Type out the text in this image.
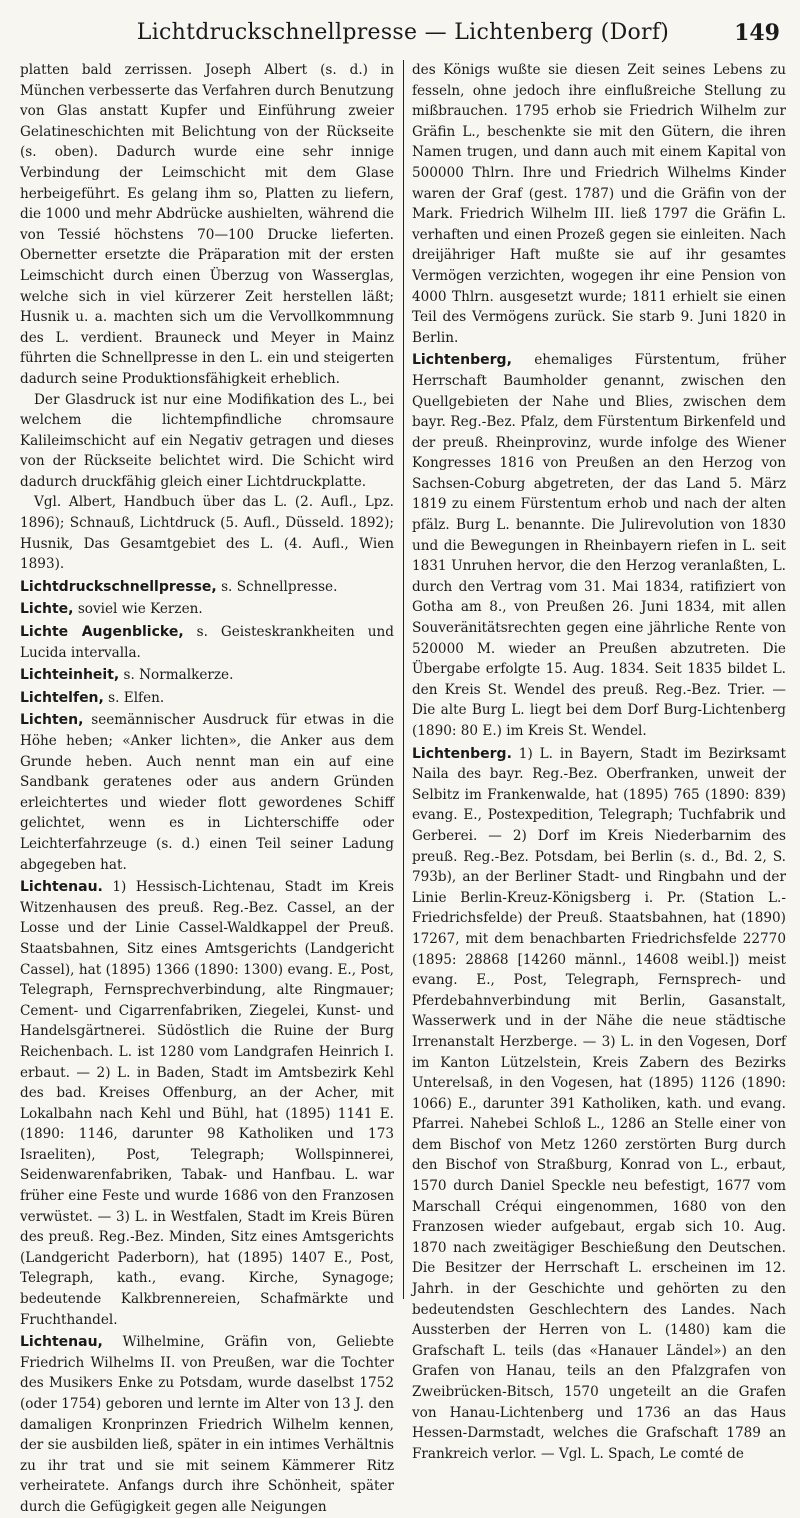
Lichtdruckschnellpresse — Lichtenberg (Dorf)	149

platten bald zerrissen. Joseph Albert (s. d.) in München verbesserte das Verfahren durch Benutzung von Glas anstatt Kupfer und Einführung zweier Gelatineschichten mit Belichtung von der Rückseite (s. oben). Dadurch wurde eine sehr innige Verbindung der Leimschicht mit dem Glase herbeigeführt. Es gelang ihm so, Platten zu liefern, die 1000 und mehr Abdrücke aushielten, während die von Tessié höchstens 70—100 Drucke lieferten. Obernetter ersetzte die Präparation mit der ersten Leimschicht durch einen Überzug von Wasserglas, welche sich in viel kürzerer Zeit herstellen läßt; Husnik u. a. machten sich um die Vervollkommnung des L. verdient. Brauneck und Meyer in Mainz führten die Schnellpresse in den L. ein und steigerten dadurch seine Produktionsfähigkeit erheblich.

Der Glasdruck ist nur eine Modifikation des L., bei welchem die lichtempfindliche chromsaure Kalileimschicht auf ein Negativ getragen und dieses von der Rückseite belichtet wird. Die Schicht wird dadurch druckfähig gleich einer Lichtdruckplatte.

Vgl. Albert, Handbuch über das L. (2. Aufl., Lpz. 1896); Schnauß, Lichtdruck (5. Aufl., Düsseld. 1892); Husnik, Das Gesamtgebiet des L. (4. Aufl., Wien 1893).

Lichtdruckschnellpresse, s. Schnellpresse.

Lichte, soviel wie Kerzen.

Lichte Augenblicke, s. Geisteskrankheiten und Lucida intervalla.

Lichteinheit, s. Normalkerze.

Lichtelfen, s. Elfen.

Lichten, seemännischer Ausdruck für etwas in die Höhe heben; «Anker lichten», die Anker aus dem Grunde heben. Auch nennt man ein auf eine Sandbank geratenes oder aus andern Gründen erleichtertes und wieder flott gewordenes Schiff gelichtet, wenn es in Lichterschiffe oder Leichterfahrzeuge (s. d.) einen Teil seiner Ladung abgegeben hat.

Lichtenau. 1) Hessisch-Lichtenau, Stadt im Kreis Witzenhausen des preuß. Reg.-Bez. Cassel, an der Losse und der Linie Cassel-Waldkappel der Preuß. Staatsbahnen, Sitz eines Amtsgerichts (Landgericht Cassel), hat (1895) 1366 (1890: 1300) evang. E., Post, Telegraph, Fernsprechverbindung, alte Ringmauer; Cement- und Cigarrenfabriken, Ziegelei, Kunst- und Handelsgärtnerei. Südöstlich die Ruine der Burg Reichenbach. L. ist 1280 vom Landgrafen Heinrich I. erbaut. — 2) L. in Baden, Stadt im Amtsbezirk Kehl des bad. Kreises Offenburg, an der Acher, mit Lokalbahn nach Kehl und Bühl, hat (1895) 1141 E. (1890: 1146, darunter 98 Katholiken und 173 Israeliten), Post, Telegraph; Wollspinnerei, Seidenwarenfabriken, Tabak- und Hanfbau. L. war früher eine Feste und wurde 1686 von den Franzosen verwüstet. — 3) L. in Westfalen, Stadt im Kreis Büren des preuß. Reg.-Bez. Minden, Sitz eines Amtsgerichts (Landgericht Paderborn), hat (1895) 1407 E., Post, Telegraph, kath., evang. Kirche, Synagoge; bedeutende Kalkbrennereien, Schafmärkte und Fruchthandel.

Lichtenau, Wilhelmine, Gräfin von, Geliebte Friedrich Wilhelms II. von Preußen, war die Tochter des Musikers Enke zu Potsdam, wurde daselbst 1752 (oder 1754) geboren und lernte im Alter von 13 J. den damaligen Kronprinzen Friedrich Wilhelm kennen, der sie ausbilden ließ, später in ein intimes Verhältnis zu ihr trat und sie mit seinem Kämmerer Ritz verheiratete. Anfangs durch ihre Schönheit, später durch die Gefügigkeit gegen alle Neigungen

des Königs wußte sie diesen Zeit seines Lebens zu fesseln, ohne jedoch ihre einflußreiche Stellung zu mißbrauchen. 1795 erhob sie Friedrich Wilhelm zur Gräfin L., beschenkte sie mit den Gütern, die ihren Namen trugen, und dann auch mit einem Kapital von 500000 Thlrn. Ihre und Friedrich Wilhelms Kinder waren der Graf (gest. 1787) und die Gräfin von der Mark. Friedrich Wilhelm III. ließ 1797 die Gräfin L. verhaften und einen Prozeß gegen sie einleiten. Nach dreijähriger Haft mußte sie auf ihr gesamtes Vermögen verzichten, wogegen ihr eine Pension von 4000 Thlrn. ausgesetzt wurde; 1811 erhielt sie einen Teil des Vermögens zurück. Sie starb 9. Juni 1820 in Berlin.

Lichtenberg, ehemaliges Fürstentum, früher Herrschaft Baumholder genannt, zwischen den Quellgebieten der Nahe und Blies, zwischen dem bayr. Reg.-Bez. Pfalz, dem Fürstentum Birkenfeld und der preuß. Rheinprovinz, wurde infolge des Wiener Kongresses 1816 von Preußen an den Herzog von Sachsen-Coburg abgetreten, der das Land 5. März 1819 zu einem Fürstentum erhob und nach der alten pfälz. Burg L. benannte. Die Julirevolution von 1830 und die Bewegungen in Rheinbayern riefen in L. seit 1831 Unruhen hervor, die den Herzog veranlaßten, L. durch den Vertrag vom 31. Mai 1834, ratifiziert von Gotha am 8., von Preußen 26. Juni 1834, mit allen Souveränitätsrechten gegen eine jährliche Rente von 520000 M. wieder an Preußen abzutreten. Die Übergabe erfolgte 15. Aug. 1834. Seit 1835 bildet L. den Kreis St. Wendel des preuß. Reg.-Bez. Trier. — Die alte Burg L. liegt bei dem Dorf Burg-Lichtenberg (1890: 80 E.) im Kreis St. Wendel.

Lichtenberg. 1) L. in Bayern, Stadt im Bezirksamt Naila des bayr. Reg.-Bez. Oberfranken, unweit der Selbitz im Frankenwalde, hat (1895) 765 (1890: 839) evang. E., Postexpedition, Telegraph; Tuchfabrik und Gerberei. — 2) Dorf im Kreis Niederbarnim des preuß. Reg.-Bez. Potsdam, bei Berlin (s. d., Bd. 2, S. 793b), an der Berliner Stadt- und Ringbahn und der Linie Berlin-Kreuz-Königsberg i. Pr. (Station L.-Friedrichsfelde) der Preuß. Staatsbahnen, hat (1890) 17267, mit dem benachbarten Friedrichsfelde 22770 (1895: 28868 [14260 männl., 14608 weibl.]) meist evang. E., Post, Telegraph, Fernsprech- und Pferdebahnverbindung mit Berlin, Gasanstalt, Wasserwerk und in der Nähe die neue städtische Irrenanstalt Herzberge. — 3) L. in den Vogesen, Dorf im Kanton Lützelstein, Kreis Zabern des Bezirks Unterelsaß, in den Vogesen, hat (1895) 1126 (1890: 1066) E., darunter 391 Katholiken, kath. und evang. Pfarrei. Nahebei Schloß L., 1286 an Stelle einer von dem Bischof von Metz 1260 zerstörten Burg durch den Bischof von Straßburg, Konrad von L., erbaut, 1570 durch Daniel Speckle neu befestigt, 1677 vom Marschall Créqui eingenommen, 1680 von den Franzosen wieder aufgebaut, ergab sich 10. Aug. 1870 nach zweitägiger Beschießung den Deutschen. Die Besitzer der Herrschaft L. erscheinen im 12. Jahrh. in der Geschichte und gehörten zu den bedeutendsten Geschlechtern des Landes. Nach Aussterben der Herren von L. (1480) kam die Grafschaft L. teils (das «Hanauer Ländel») an den Grafen von Hanau, teils an den Pfalzgrafen von Zweibrücken-Bitsch, 1570 ungeteilt an die Grafen von Hanau-Lichtenberg und 1736 an das Haus Hessen-Darmstadt, welches die Grafschaft 1789 an Frankreich verlor. — Vgl. L. Spach, Le comté de
